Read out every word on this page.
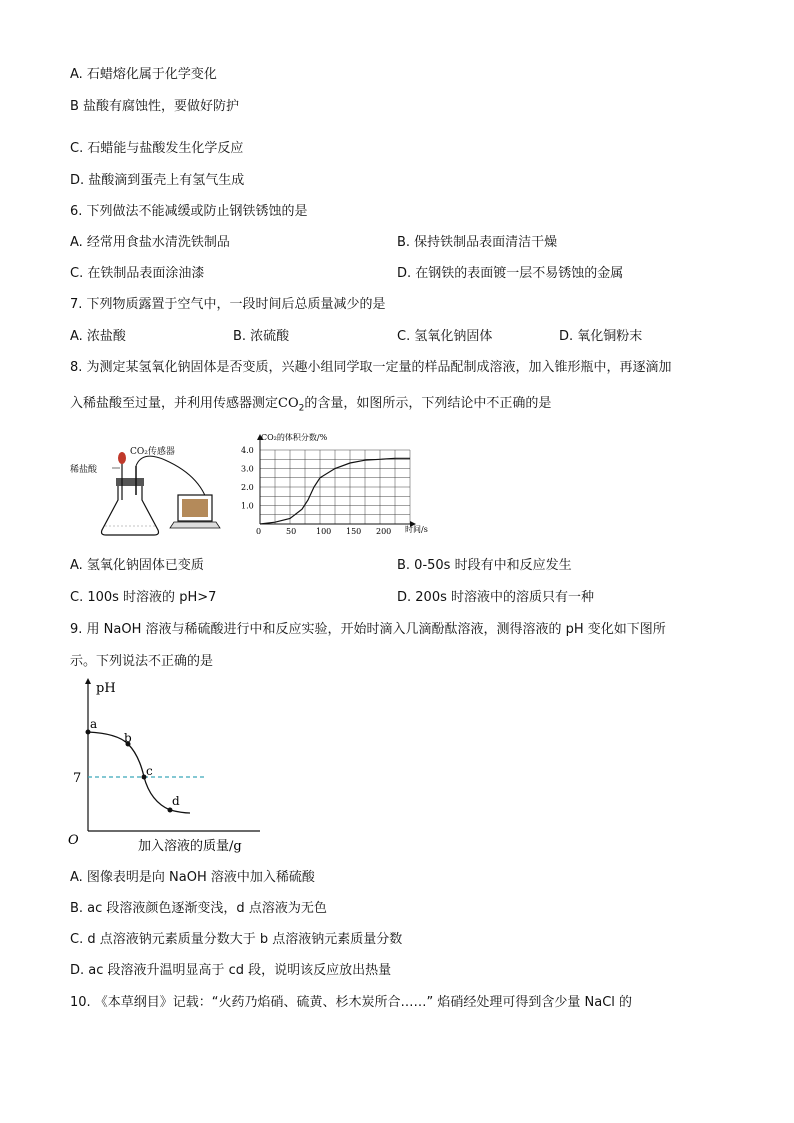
A. 石蜡熔化属于化学变化
B 盐酸有腐蚀性，要做好防护
C. 石蜡能与盐酸发生化学反应
D. 盐酸滴到蛋壳上有氢气生成
6. 下列做法不能减缓或防止钢铁锈蚀的是
A. 经常用食盐水清洗铁制品	B. 保持铁制品表面清洁干燥
C. 在铁制品表面涂油漆	D. 在钢铁的表面镀一层不易锈蚀的金属
7. 下列物质露置于空气中，一段时间后总质量减少的是
A. 浓盐酸	B. 浓硫酸	C. 氢氧化钠固体	D. 氧化铜粉末
8. 为测定某氢氧化钠固体是否变质，兴趣小组同学取一定量的样品配制成溶液，加入锥形瓶中，再逐滴加
入稀盐酸至过量，并利用传感器测定$CO_2$的含量，如图所示，下列结论中不正确的是
稀盐酸
CO₂传感器
CO₂的体积分数/%
时间/s
0	50 100 150 200
1.0
2.0
3.0
4.0
A. 氢氧化钠固体已变质	B. 0-50s 时段有中和反应发生
C. 100s 时溶液的 pH>7	D. 200s 时溶液中的溶质只有一种
9. 用 NaOH 溶液与稀硫酸进行中和反应实验，开始时滴入几滴酚酞溶液，测得溶液的 pH 变化如下图所
示。下列说法不正确的是
pH
O
7
a
b
c
d
加入溶液的质量/g
A. 图像表明是向 NaOH 溶液中加入稀硫酸
B. ac 段溶液颜色逐渐变浅，d 点溶液为无色
C. d 点溶液钠元素质量分数大于 b 点溶液钠元素质量分数
D. ac 段溶液升温明显高于 cd 段，说明该反应放出热量
10. 《本草纲目》记载：“火药乃焰硝、硫黄、杉木炭所合……” 焰硝经处理可得到含少量 NaCl 的
